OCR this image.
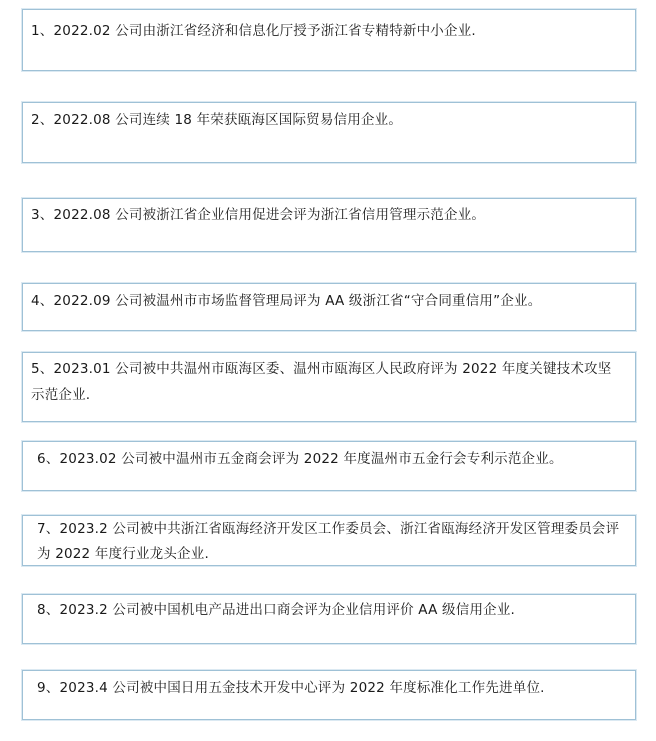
1、2022.02 公司由浙江省经济和信息化厅授予浙江省专精特新中小企业.
2、2022.08 公司连续 18 年荣获瓯海区国际贸易信用企业。
3、2022.08 公司被浙江省企业信用促进会评为浙江省信用管理示范企业。
4、2022.09 公司被温州市市场监督管理局评为 AA 级浙江省“守合同重信用”企业。
5、2023.01 公司被中共温州市瓯海区委、温州市瓯海区人民政府评为 2022 年度关键技术攻坚示范企业.
6、2023.02 公司被中温州市五金商会评为 2022 年度温州市五金行会专利示范企业。
7、2023.2 公司被中共浙江省瓯海经济开发区工作委员会、浙江省瓯海经济开发区管理委员会评为 2022 年度行业龙头企业.
8、2023.2 公司被中国机电产品进出口商会评为企业信用评价 AA 级信用企业.
9、2023.4 公司被中国日用五金技术开发中心评为 2022 年度标准化工作先进单位.
